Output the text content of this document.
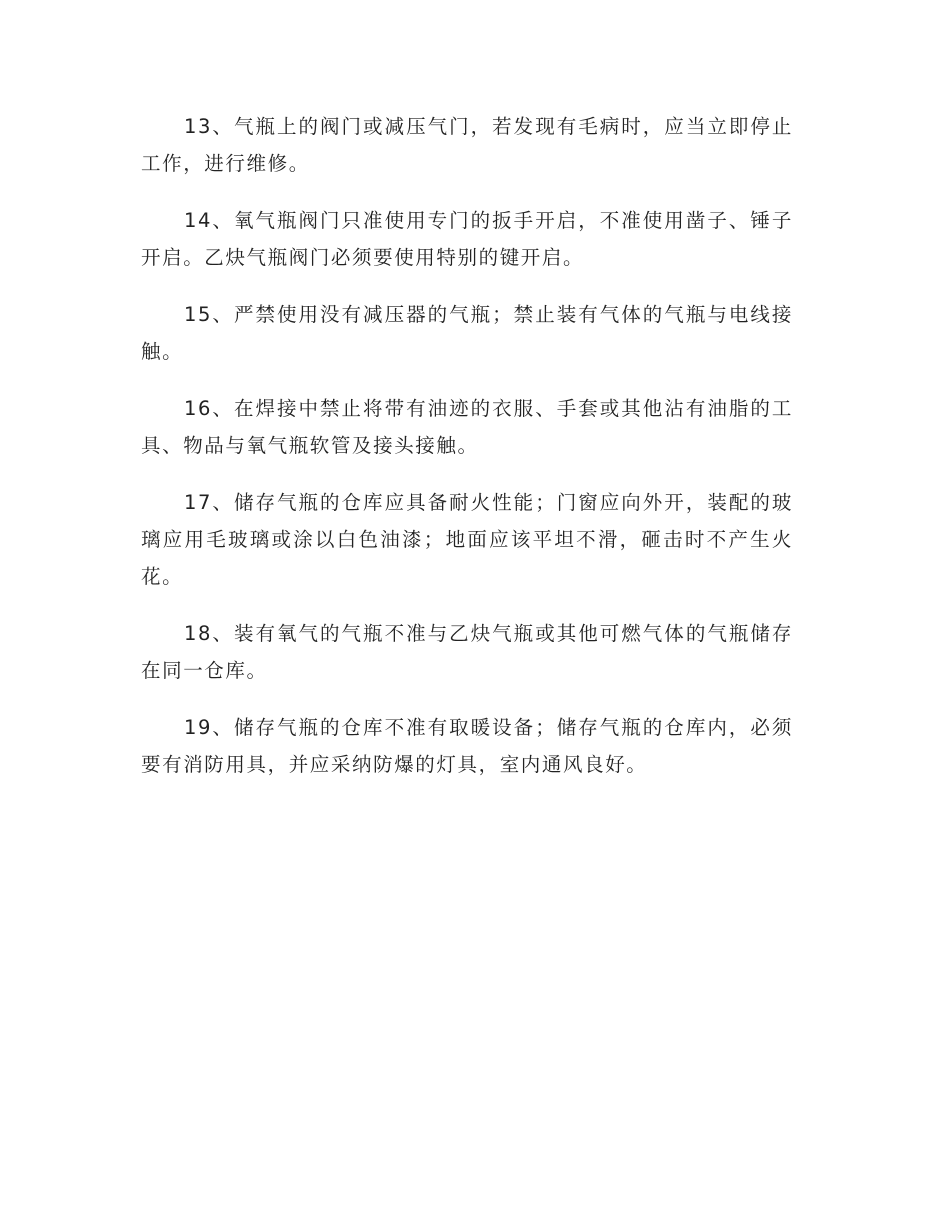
13、气瓶上的阀门或减压气门，若发现有毛病时，应当立即停止工作，进行维修。

14、氧气瓶阀门只准使用专门的扳手开启，不准使用凿子、锤子开启。乙炔气瓶阀门必须要使用特别的键开启。

15、严禁使用没有减压器的气瓶；禁止装有气体的气瓶与电线接触。

16、在焊接中禁止将带有油迹的衣服、手套或其他沾有油脂的工具、物品与氧气瓶软管及接头接触。

17、储存气瓶的仓库应具备耐火性能；门窗应向外开，装配的玻璃应用毛玻璃或涂以白色油漆；地面应该平坦不滑，砸击时不产生火花。

18、装有氧气的气瓶不准与乙炔气瓶或其他可燃气体的气瓶储存在同一仓库。

19、储存气瓶的仓库不准有取暖设备；储存气瓶的仓库内，必须要有消防用具，并应采纳防爆的灯具，室内通风良好。
